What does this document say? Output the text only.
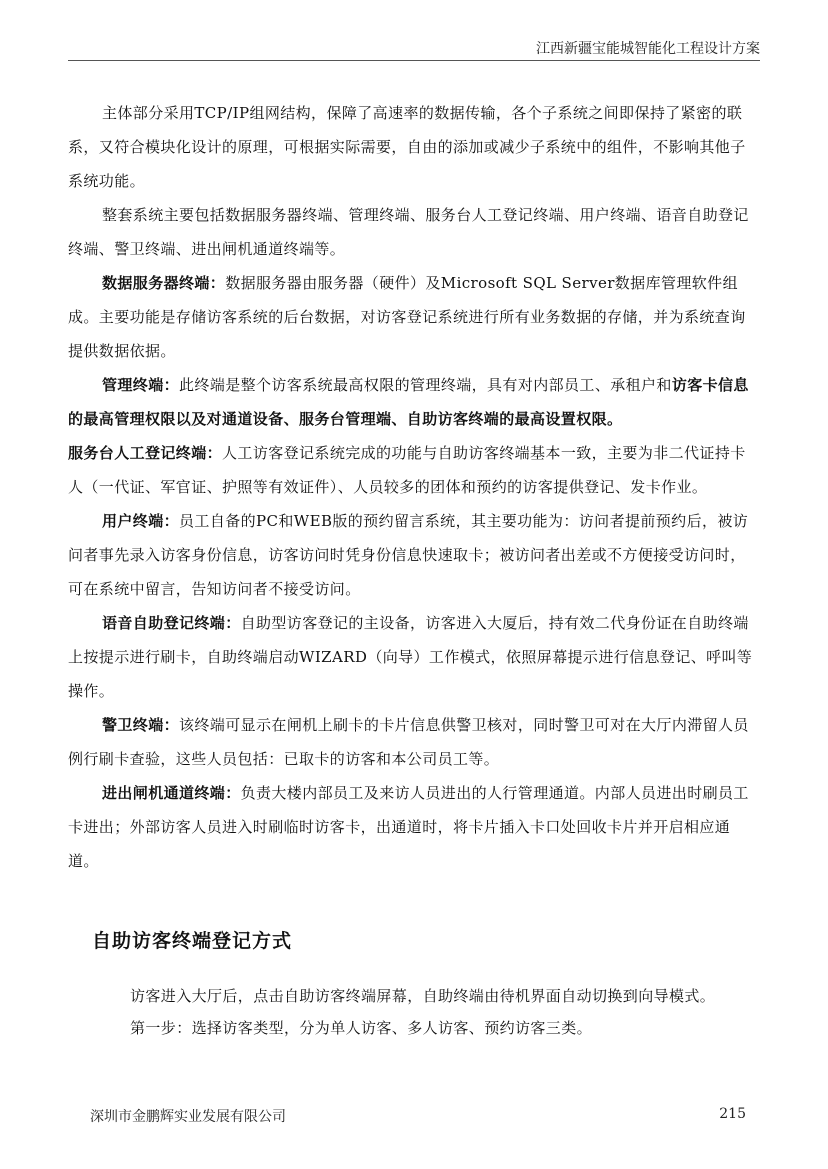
江西新疆宝能城智能化工程设计方案

主体部分采用TCP/IP组网结构，保障了高速率的数据传输，各个子系统之间即保持了紧密的联系，又符合模块化设计的原理，可根据实际需要，自由的添加或减少子系统中的组件，不影响其他子系统功能。

整套系统主要包括数据服务器终端、管理终端、服务台人工登记终端、用户终端、语音自助登记终端、警卫终端、进出闸机通道终端等。

数据服务器终端：数据服务器由服务器（硬件）及Microsoft SQL Server数据库管理软件组成。主要功能是存储访客系统的后台数据，对访客登记系统进行所有业务数据的存储，并为系统查询提供数据依据。

管理终端：此终端是整个访客系统最高权限的管理终端，具有对内部员工、承租户和访客卡信息的最高管理权限以及对通道设备、服务台管理端、自助访客终端的最高设置权限。

服务台人工登记终端：人工访客登记系统完成的功能与自助访客终端基本一致，主要为非二代证持卡人（一代证、军官证、护照等有效证件）、人员较多的团体和预约的访客提供登记、发卡作业。

用户终端：员工自备的PC和WEB版的预约留言系统，其主要功能为：访问者提前预约后，被访问者事先录入访客身份信息，访客访问时凭身份信息快速取卡；被访问者出差或不方便接受访问时，可在系统中留言，告知访问者不接受访问。

语音自助登记终端：自助型访客登记的主设备，访客进入大厦后，持有效二代身份证在自助终端上按提示进行刷卡，自助终端启动WIZARD（向导）工作模式，依照屏幕提示进行信息登记、呼叫等操作。

警卫终端：该终端可显示在闸机上刷卡的卡片信息供警卫核对，同时警卫可对在大厅内滞留人员例行刷卡查验，这些人员包括：已取卡的访客和本公司员工等。

进出闸机通道终端：负责大楼内部员工及来访人员进出的人行管理通道。内部人员进出时刷员工卡进出；外部访客人员进入时刷临时访客卡，出通道时，将卡片插入卡口处回收卡片并开启相应通道。

自助访客终端登记方式

访客进入大厅后，点击自助访客终端屏幕，自助终端由待机界面自动切换到向导模式。

第一步：选择访客类型，分为单人访客、多人访客、预约访客三类。

深圳市金鹏辉实业发展有限公司	215
